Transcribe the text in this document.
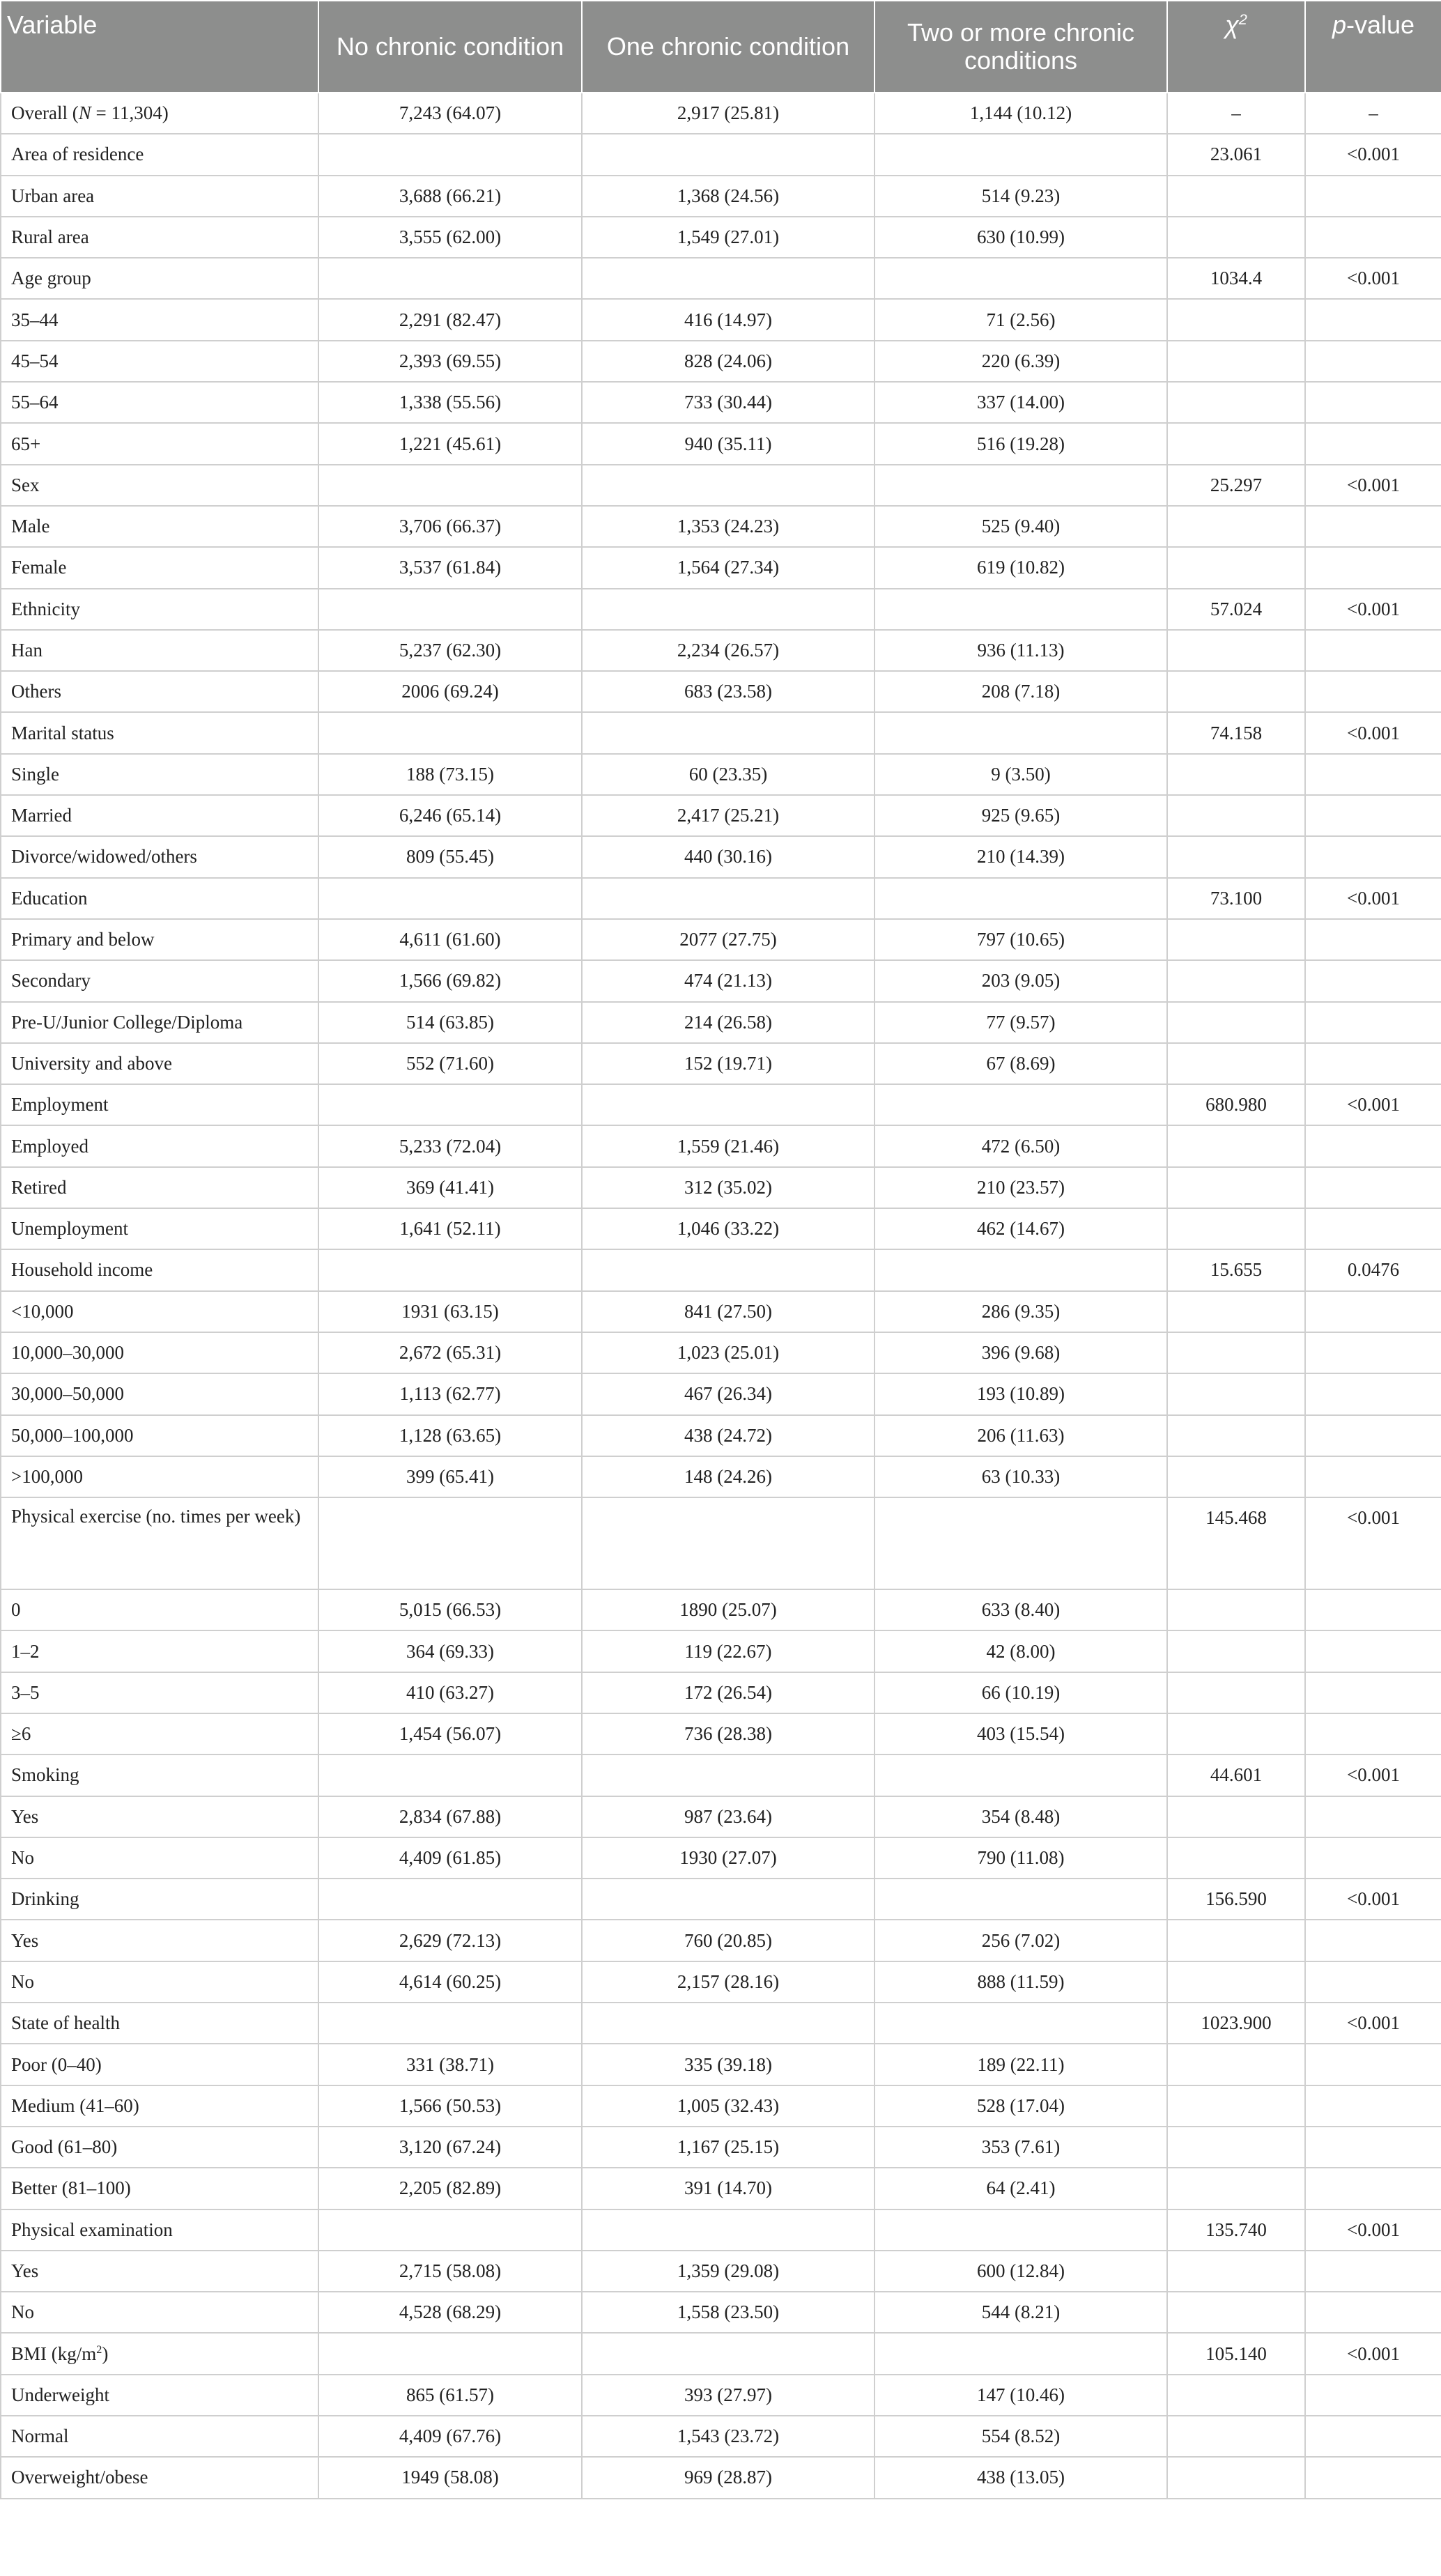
Variable	No chronic condition	One chronic condition	Two or more chronic conditions	$\chi^2$	p-value
Overall (N = 11,304)	7,243 (64.07)	2,917 (25.81)	1,144 (10.12)	–	–
Area of residence				23.061	<0.001
Urban area	3,688 (66.21)	1,368 (24.56)	514 (9.23)		
Rural area	3,555 (62.00)	1,549 (27.01)	630 (10.99)		
Age group				1034.4	<0.001
35–44	2,291 (82.47)	416 (14.97)	71 (2.56)		
45–54	2,393 (69.55)	828 (24.06)	220 (6.39)		
55–64	1,338 (55.56)	733 (30.44)	337 (14.00)		
65+	1,221 (45.61)	940 (35.11)	516 (19.28)		
Sex				25.297	<0.001
Male	3,706 (66.37)	1,353 (24.23)	525 (9.40)		
Female	3,537 (61.84)	1,564 (27.34)	619 (10.82)		
Ethnicity				57.024	<0.001
Han	5,237 (62.30)	2,234 (26.57)	936 (11.13)		
Others	2006 (69.24)	683 (23.58)	208 (7.18)		
Marital status				74.158	<0.001
Single	188 (73.15)	60 (23.35)	9 (3.50)		
Married	6,246 (65.14)	2,417 (25.21)	925 (9.65)		
Divorce/widowed/others	809 (55.45)	440 (30.16)	210 (14.39)		
Education				73.100	<0.001
Primary and below	4,611 (61.60)	2077 (27.75)	797 (10.65)		
Secondary	1,566 (69.82)	474 (21.13)	203 (9.05)		
Pre-U/Junior College/Diploma	514 (63.85)	214 (26.58)	77 (9.57)		
University and above	552 (71.60)	152 (19.71)	67 (8.69)		
Employment				680.980	<0.001
Employed	5,233 (72.04)	1,559 (21.46)	472 (6.50)		
Retired	369 (41.41)	312 (35.02)	210 (23.57)		
Unemployment	1,641 (52.11)	1,046 (33.22)	462 (14.67)		
Household income				15.655	0.0476
<10,000	1931 (63.15)	841 (27.50)	286 (9.35)		
10,000–30,000	2,672 (65.31)	1,023 (25.01)	396 (9.68)		
30,000–50,000	1,113 (62.77)	467 (26.34)	193 (10.89)		
50,000–100,000	1,128 (63.65)	438 (24.72)	206 (11.63)		
>100,000	399 (65.41)	148 (24.26)	63 (10.33)		
Physical exercise (no. times per week)				145.468	<0.001
0	5,015 (66.53)	1890 (25.07)	633 (8.40)		
1–2	364 (69.33)	119 (22.67)	42 (8.00)		
3–5	410 (63.27)	172 (26.54)	66 (10.19)		
≥6	1,454 (56.07)	736 (28.38)	403 (15.54)		
Smoking				44.601	<0.001
Yes	2,834 (67.88)	987 (23.64)	354 (8.48)		
No	4,409 (61.85)	1930 (27.07)	790 (11.08)		
Drinking				156.590	<0.001
Yes	2,629 (72.13)	760 (20.85)	256 (7.02)		
No	4,614 (60.25)	2,157 (28.16)	888 (11.59)		
State of health				1023.900	<0.001
Poor (0–40)	331 (38.71)	335 (39.18)	189 (22.11)		
Medium (41–60)	1,566 (50.53)	1,005 (32.43)	528 (17.04)		
Good (61–80)	3,120 (67.24)	1,167 (25.15)	353 (7.61)		
Better (81–100)	2,205 (82.89)	391 (14.70)	64 (2.41)		
Physical examination				135.740	<0.001
Yes	2,715 (58.08)	1,359 (29.08)	600 (12.84)		
No	4,528 (68.29)	1,558 (23.50)	544 (8.21)		
BMI $(kg/m^2)$				105.140	<0.001
Underweight	865 (61.57)	393 (27.97)	147 (10.46)		
Normal	4,409 (67.76)	1,543 (23.72)	554 (8.52)		
Overweight/obese	1949 (58.08)	969 (28.87)	438 (13.05)		
